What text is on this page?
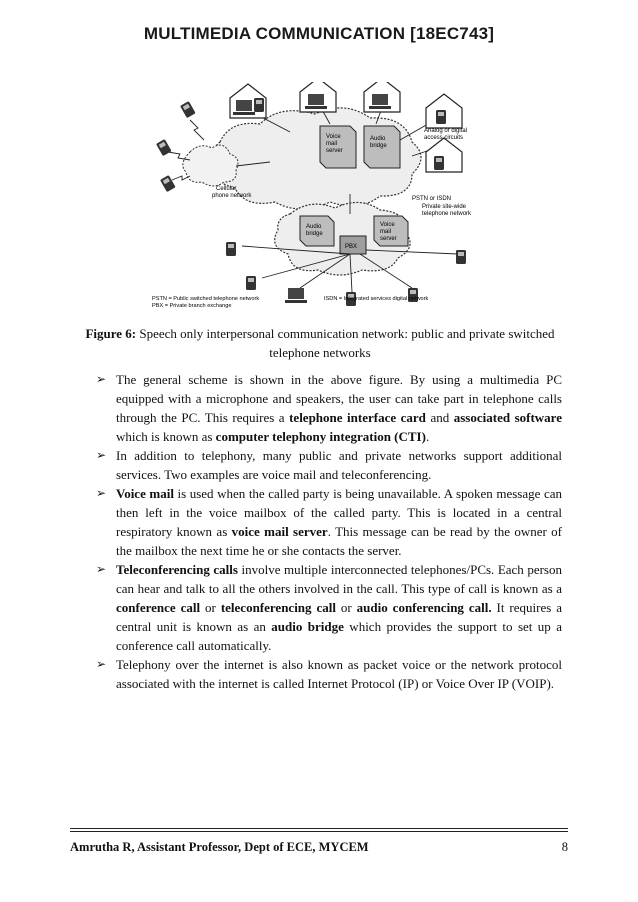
MULTIMEDIA COMMUNICATION [18EC743]
Voice mail server
Audio bridge
Audio bridge
Voice mail server
PBX
Analog or digital access circuits
Cellular phone network	PSTN or ISDN
Private site-wide telephone network
PSTN = Public switched telephone network
PBX = Private branch exchange
ISDN = Integrated services digital network
Figure 6: Speech only interpersonal communication network: public and private switched telephone networks
➢ The general scheme is shown in the above figure. By using a multimedia PC equipped with a microphone and speakers, the user can take part in telephone calls through the PC. This requires a telephone interface card and associated software which is known as computer telephony integration (CTI).
➢ In addition to telephony, many public and private networks support additional services. Two examples are voice mail and teleconferencing.
➢ Voice mail is used when the called party is being unavailable. A spoken message can then left in the voice mailbox of the called party. This is located in a central respiratory known as voice mail server. This message can be read by the owner of the mailbox the next time he or she contacts the server.
➢ Teleconferencing calls involve multiple interconnected telephones/PCs. Each person can hear and talk to all the others involved in the call. This type of call is known as a conference call or teleconferencing call or audio conferencing call. It requires a central unit is known as an audio bridge which provides the support to set up a conference call automatically.
➢ Telephony over the internet is also known as packet voice or the network protocol associated with the internet is called Internet Protocol (IP) or Voice Over IP (VOIP).
Amrutha R, Assistant Professor, Dept of ECE, MYCEM	8
